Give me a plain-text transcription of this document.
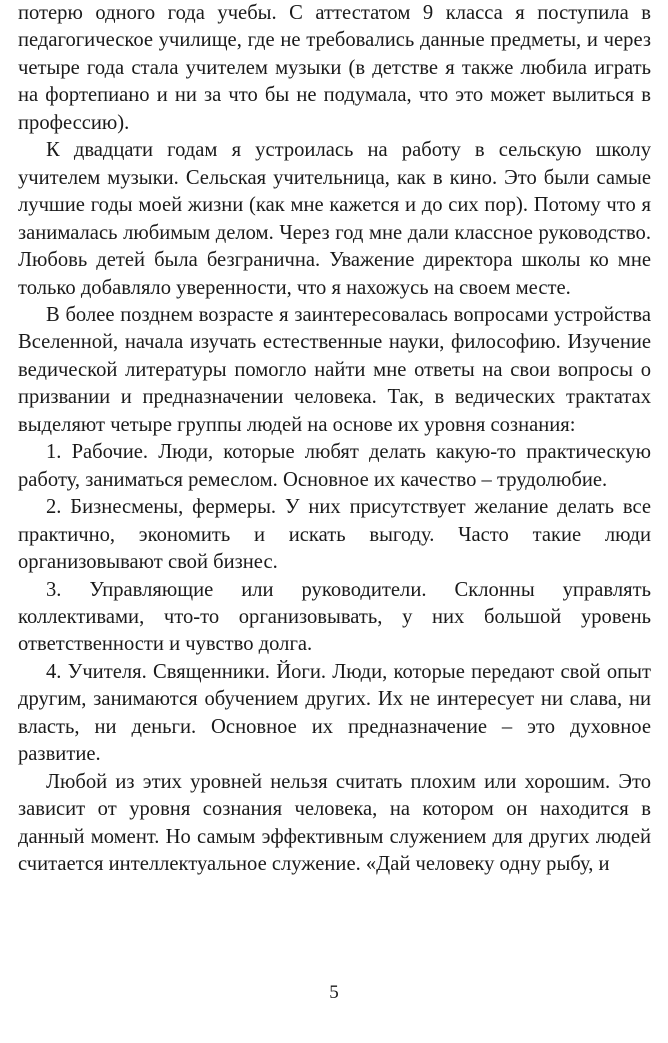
потерю одного года учебы. С аттестатом 9 класса я поступила в педагогическое училище, где не требовались данные предметы, и через четыре года стала учителем музыки (в детстве я также любила играть на фортепиано и ни за что бы не подумала, что это может вылиться в профессию).

К двадцати годам я устроилась на работу в сельскую школу учителем музыки. Сельская учительница, как в кино. Это были самые лучшие годы моей жизни (как мне кажется и до сих пор). Потому что я занималась любимым делом. Через год мне дали классное руководство. Любовь детей была безгранична. Уважение директора школы ко мне только добавляло уверенности, что я нахожусь на своем месте.

В более позднем возрасте я заинтересовалась вопросами устройства Вселенной, начала изучать естественные науки, философию. Изучение ведической литературы помогло найти мне ответы на свои вопросы о призвании и предназначении человека. Так, в ведических трактатах выделяют четыре группы людей на основе их уровня сознания:

1. Рабочие. Люди, которые любят делать какую-то практическую работу, заниматься ремеслом. Основное их качество – трудолюбие.

2. Бизнесмены, фермеры. У них присутствует желание делать все практично, экономить и искать выгоду. Часто такие люди организовывают свой бизнес.

3. Управляющие или руководители. Склонны управлять коллективами, что-то организовывать, у них большой уровень ответственности и чувство долга.

4. Учителя. Священники. Йоги. Люди, которые передают свой опыт другим, занимаются обучением других. Их не интересует ни слава, ни власть, ни деньги. Основное их предназначение – это духовное развитие.

Любой из этих уровней нельзя считать плохим или хорошим. Это зависит от уровня сознания человека, на котором он находится в данный момент. Но самым эффективным служением для других людей считается интеллектуальное служение. «Дай человеку одну рыбу, и

5
